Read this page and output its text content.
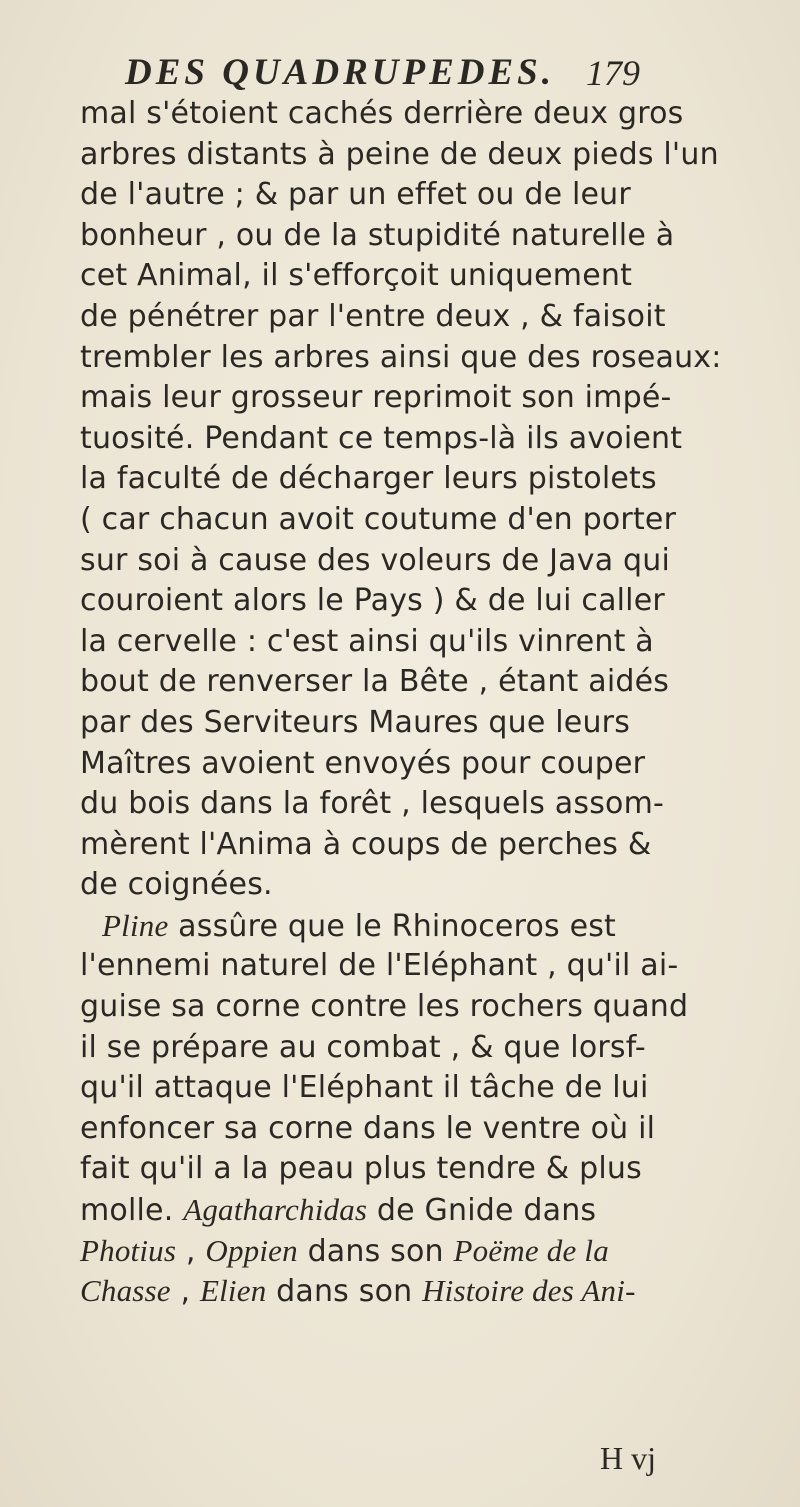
DES QUADRUPEDES. 179
mal s'étoient cachés derrière deux gros
arbres distants à peine de deux pieds l'un
de l'autre ; & par un effet ou de leur
bonheur , ou de la stupidité naturelle à
cet Animal, il s'efforçoit uniquement
de pénétrer par l'entre deux , & faisoit
trembler les arbres ainsi que des roseaux:
mais leur grosseur reprimoit son impé-
tuosité. Pendant ce temps-là ils avoient
la faculté de décharger leurs pistolets
( car chacun avoit coutume d'en porter
sur soi à cause des voleurs de Java qui
couroient alors le Pays ) & de lui caller
la cervelle : c'est ainsi qu'ils vinrent à
bout de renverser la Bête , étant aidés
par des Serviteurs Maures que leurs
Maîtres avoient envoyés pour couper
du bois dans la forêt , lesquels assom-
mèrent l'Anima à coups de perches &
de coignées.
Pline assûre que le Rhinoceros est
l'ennemi naturel de l'Eléphant , qu'il ai-
guise sa corne contre les rochers quand
il se prépare au combat , & que lorsf-
qu'il attaque l'Eléphant il tâche de lui
enfoncer sa corne dans le ventre où il
fait qu'il a la peau plus tendre & plus
molle. Agatharchidas de Gnide dans
Photius , Oppien dans son Poëme de la
Chasse , Elien dans son Histoire des Ani-
H vj
